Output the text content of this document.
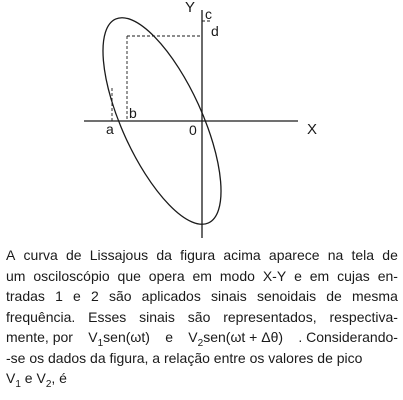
Y
X
0
a
b
c
d
A curva de Lissajous da figura acima aparece na tela de
um osciloscópio que opera em modo X-Y e em cujas en-
tradas 1 e 2 são aplicados sinais senoidais de mesma
frequência. Esses sinais são representados, respectiva-
mente, por $V_1sen(\omega t)$ e $V_2sen(\omega t + \Delta\theta)$ . Considerando-
-se os dados da figura, a relação entre os valores de pico
$V_1$ e $V_2$, é
